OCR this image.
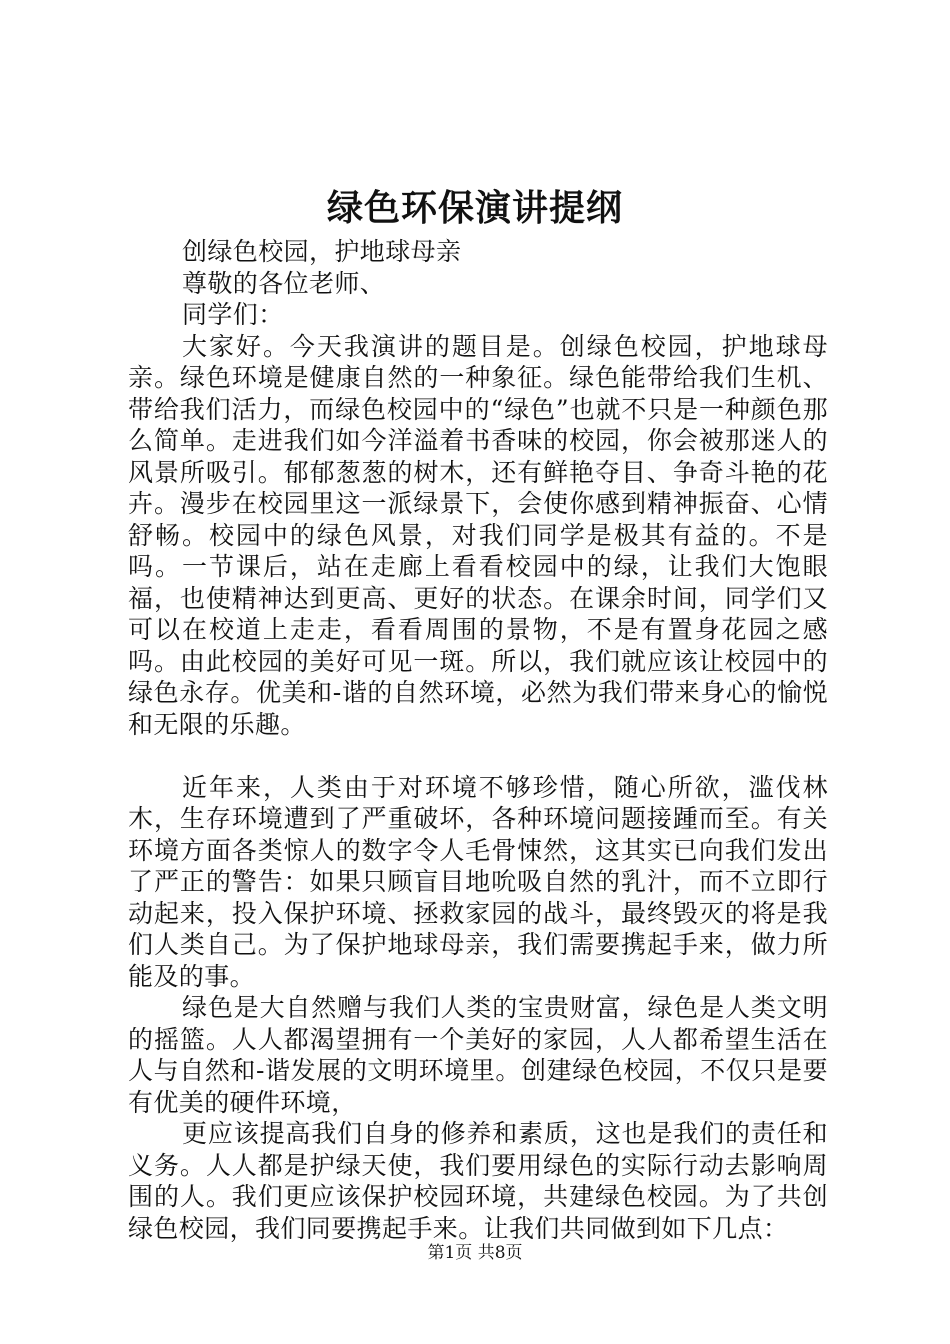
绿色环保演讲提纲

创绿色校园，护地球母亲

尊敬的各位老师、

同学们：

大家好。今天我演讲的题目是。创绿色校园，护地球母亲。绿色环境是健康自然的一种象征。绿色能带给我们生机、带给我们活力，而绿色校园中的“绿色”也就不只是一种颜色那么简单。走进我们如今洋溢着书香味的校园，你会被那迷人的风景所吸引。郁郁葱葱的树木，还有鲜艳夺目、争奇斗艳的花卉。漫步在校园里这一派绿景下，会使你感到精神振奋、心情舒畅。校园中的绿色风景，对我们同学是极其有益的。不是吗。一节课后，站在走廊上看看校园中的绿，让我们大饱眼福，也使精神达到更高、更好的状态。在课余时间，同学们又可以在校道上走走，看看周围的景物，不是有置身花园之感吗。由此校园的美好可见一斑。所以，我们就应该让校园中的绿色永存。优美和-谐的自然环境，必然为我们带来身心的愉悦和无限的乐趣。

近年来，人类由于对环境不够珍惜，随心所欲，滥伐林木，生存环境遭到了严重破坏，各种环境问题接踵而至。有关环境方面各类惊人的数字令人毛骨悚然，这其实已向我们发出了严正的警告：如果只顾盲目地吮吸自然的乳汁，而不立即行动起来，投入保护环境、拯救家园的战斗，最终毁灭的将是我们人类自己。为了保护地球母亲，我们需要携起手来，做力所能及的事。

绿色是大自然赠与我们人类的宝贵财富，绿色是人类文明的摇篮。人人都渴望拥有一个美好的家园，人人都希望生活在人与自然和-谐发展的文明环境里。创建绿色校园，不仅只是要有优美的硬件环境，

更应该提高我们自身的修养和素质，这也是我们的责任和义务。人人都是护绿天使，我们要用绿色的实际行动去影响周围的人。我们更应该保护校园环境，共建绿色校园。为了共创绿色校园，我们同要携起手来。让我们共同做到如下几点：

第1页 共8页
